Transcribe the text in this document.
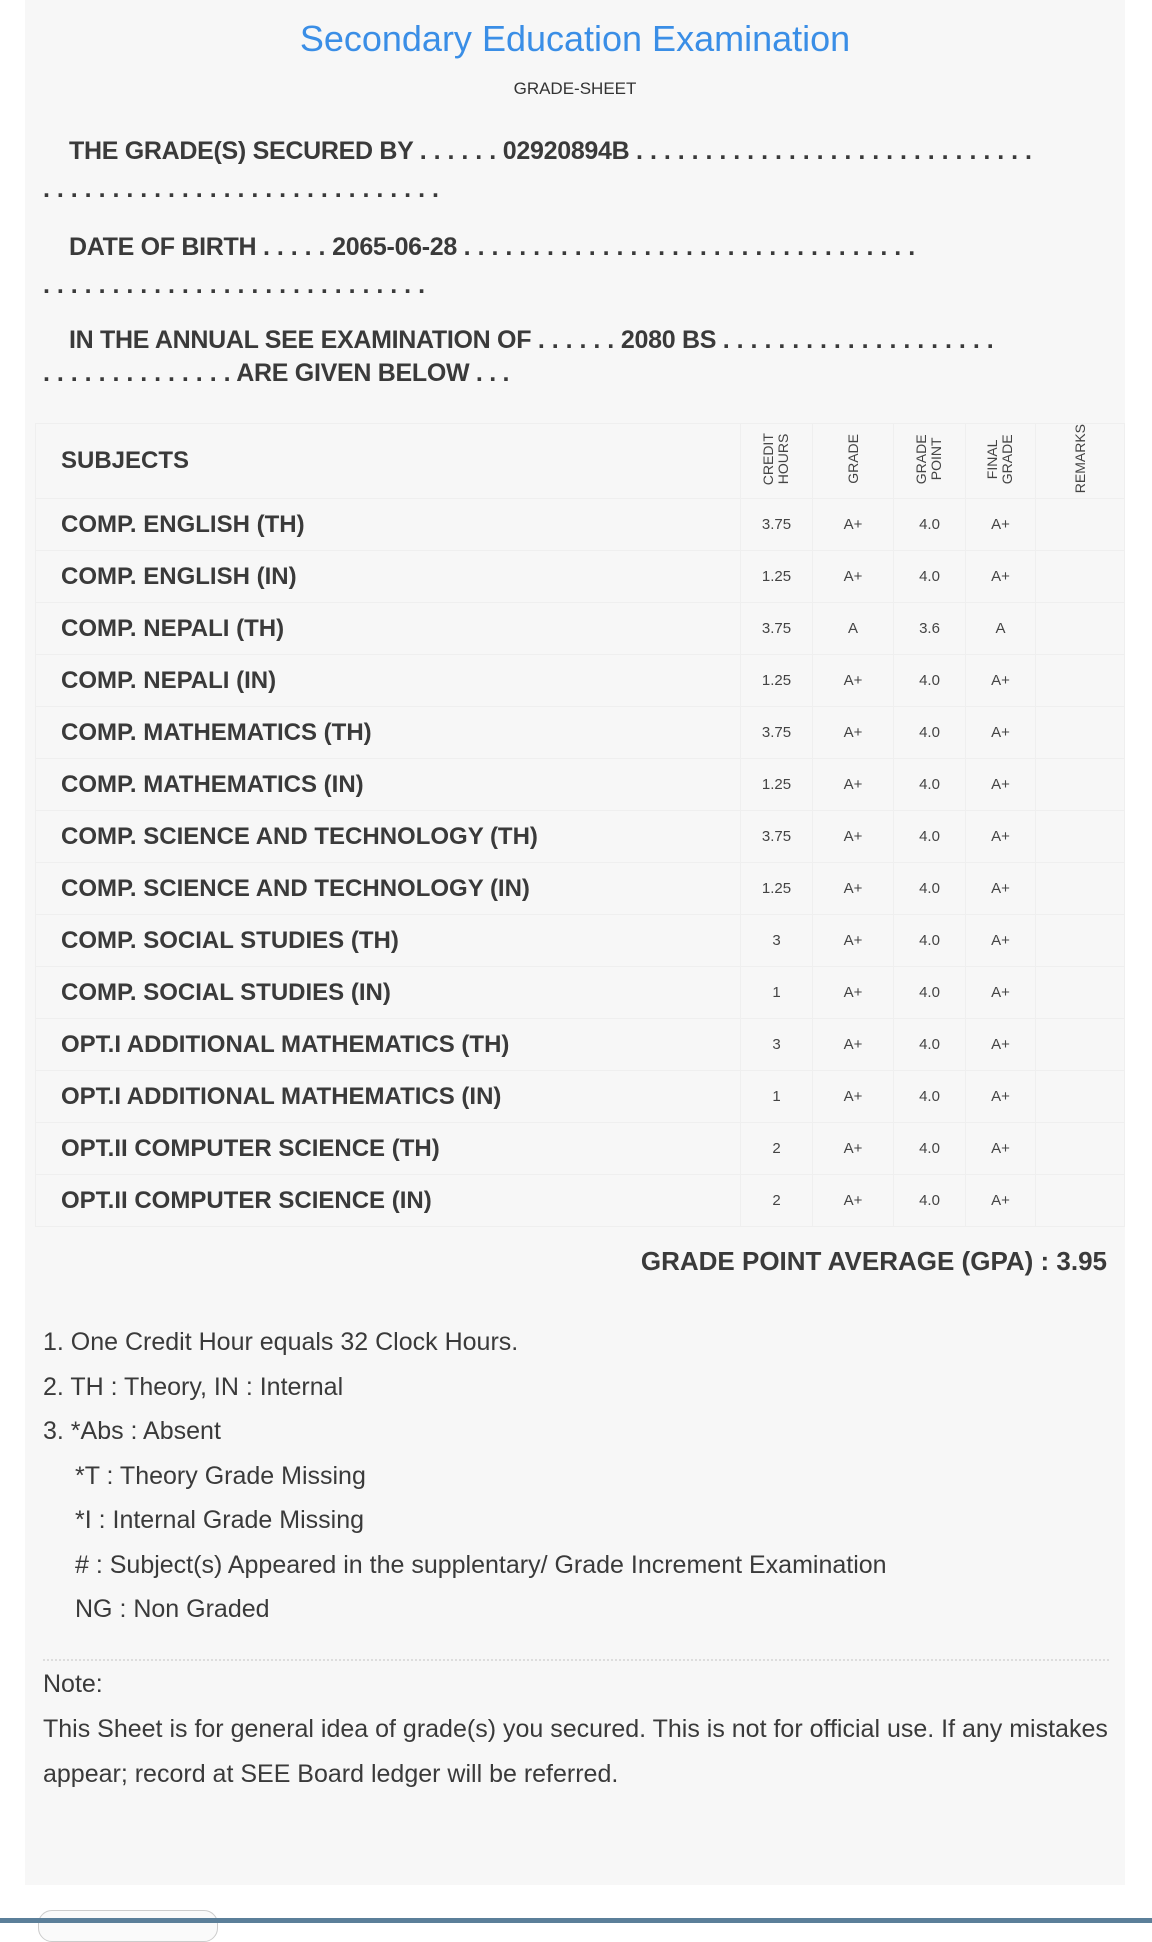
Secondary Education Examination
GRADE-SHEET
THE GRADE(S) SECURED BY . . . . . . 02920894B . . . . . . . . . . . . . . . . . . . . . . . . . . . . .
. . . . . . . . . . . . . . . . . . . . . . . . . . . . .
DATE OF BIRTH . . . . . 2065-06-28 . . . . . . . . . . . . . . . . . . . . . . . . . . . . . . . . .
. . . . . . . . . . . . . . . . . . . . . . . . . . . .
IN THE ANNUAL SEE EXAMINATION OF . . . . . . 2080 BS . . . . . . . . . . . . . . . . . . . .
. . . . . . . . . . . . . . ARE GIVEN BELOW . . .
SUBJECTS	CREDIT HOURS	GRADE	GRADE POINT	FINAL GRADE	REMARKS
COMP. ENGLISH (TH)	3.75	A+	4.0	A+	
COMP. ENGLISH (IN)	1.25	A+	4.0	A+	
COMP. NEPALI (TH)	3.75	A	3.6	A	
COMP. NEPALI (IN)	1.25	A+	4.0	A+	
COMP. MATHEMATICS (TH)	3.75	A+	4.0	A+	
COMP. MATHEMATICS (IN)	1.25	A+	4.0	A+	
COMP. SCIENCE AND TECHNOLOGY (TH)	3.75	A+	4.0	A+	
COMP. SCIENCE AND TECHNOLOGY (IN)	1.25	A+	4.0	A+	
COMP. SOCIAL STUDIES (TH)	3	A+	4.0	A+	
COMP. SOCIAL STUDIES (IN)	1	A+	4.0	A+	
OPT.I ADDITIONAL MATHEMATICS (TH)	3	A+	4.0	A+	
OPT.I ADDITIONAL MATHEMATICS (IN)	1	A+	4.0	A+	
OPT.II COMPUTER SCIENCE (TH)	2	A+	4.0	A+	
OPT.II COMPUTER SCIENCE (IN)	2	A+	4.0	A+	
GRADE POINT AVERAGE (GPA) : 3.95
1. One Credit Hour equals 32 Clock Hours.
2. TH : Theory, IN : Internal
3. *Abs : Absent
*T : Theory Grade Missing
*I : Internal Grade Missing
# : Subject(s) Appeared in the supplentary/ Grade Increment Examination
NG : Non Graded
Note:
This Sheet is for general idea of grade(s) you secured. This is not for official use. If any mistakes appear; record at SEE Board ledger will be referred.
